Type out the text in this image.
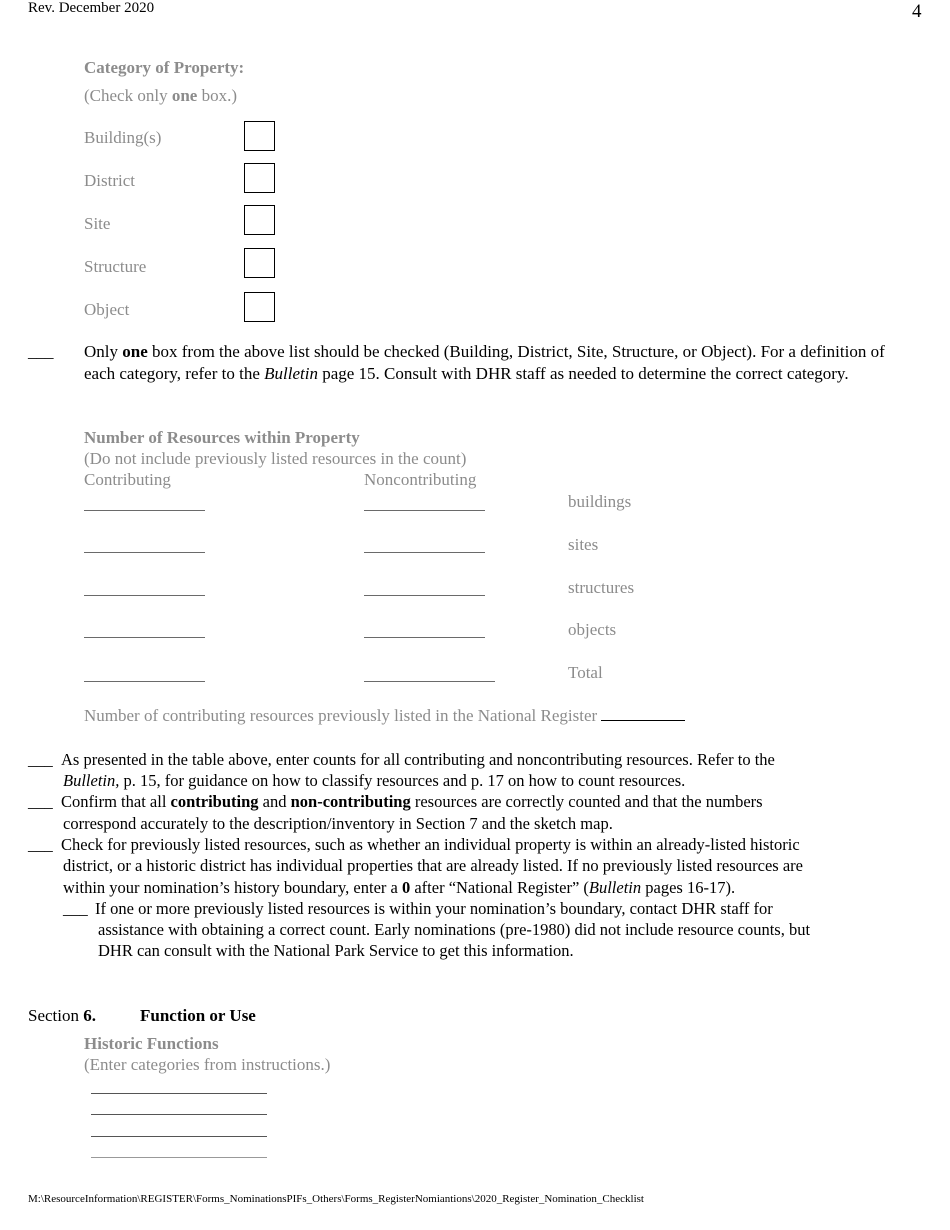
Rev. December 2020	4
Category of Property:
(Check only one box.)
Building(s)
District
Site
Structure
Object
___ Only one box from the above list should be checked (Building, District, Site, Structure, or Object). For a definition of each category, refer to the Bulletin page 15. Consult with DHR staff as needed to determine the correct category.
Number of Resources within Property
(Do not include previously listed resources in the count)
Contributing	Noncontributing
buildings
sites
structures
objects
Total
Number of contributing resources previously listed in the National Register
___ As presented in the table above, enter counts for all contributing and noncontributing resources. Refer to the
Bulletin, p. 15, for guidance on how to classify resources and p. 17 on how to count resources.
___ Confirm that all contributing and non-contributing resources are correctly counted and that the numbers
correspond accurately to the description/inventory in Section 7 and the sketch map.
___ Check for previously listed resources, such as whether an individual property is within an already-listed historic
district, or a historic district has individual properties that are already listed. If no previously listed resources are
within your nomination’s history boundary, enter a 0 after “National Register” (Bulletin pages 16-17).
___ If one or more previously listed resources is within your nomination’s boundary, contact DHR staff for
assistance with obtaining a correct count. Early nominations (pre-1980) did not include resource counts, but
DHR can consult with the National Park Service to get this information.
Section 6.	Function or Use
Historic Functions
(Enter categories from instructions.)
M:\ResourceInformation\REGISTER\Forms_NominationsPIFs_Others\Forms_RegisterNomiantions\2020_Register_Nomination_Checklist
